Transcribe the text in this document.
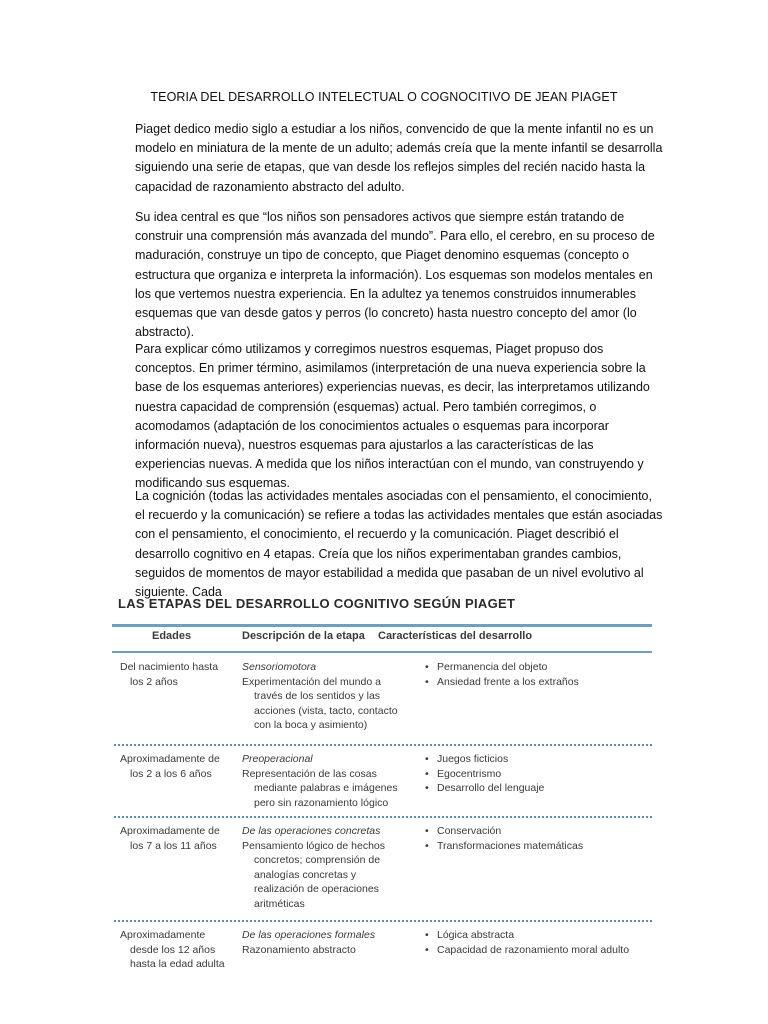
TEORIA DEL DESARROLLO INTELECTUAL O COGNOCITIVO DE JEAN PIAGET

Piaget dedico medio siglo a estudiar a los niños, convencido de que la mente infantil no es un modelo en miniatura de la mente de un adulto; además creía que la mente infantil se desarrolla siguiendo una serie de etapas, que van desde los reflejos simples del recién nacido hasta la capacidad de razonamiento abstracto del adulto.

Su idea central es que “los niños son pensadores activos que siempre están tratando de construir una comprensión más avanzada del mundo”. Para ello, el cerebro, en su proceso de maduración, construye un tipo de concepto, que Piaget denomino esquemas (concepto o estructura que organiza e interpreta la información). Los esquemas son modelos mentales en los que vertemos nuestra experiencia. En la adultez ya tenemos construidos innumerables esquemas que van desde gatos y perros (lo concreto) hasta nuestro concepto del amor (lo abstracto).

Para explicar cómo utilizamos y corregimos nuestros esquemas, Piaget propuso dos conceptos. En primer término, asimilamos (interpretación de una nueva experiencia sobre la base de los esquemas anteriores) experiencias nuevas, es decir, las interpretamos utilizando nuestra capacidad de comprensión (esquemas) actual. Pero también corregimos, o acomodamos (adaptación de los conocimientos actuales o esquemas para incorporar información nueva), nuestros esquemas para ajustarlos a las características de las experiencias nuevas. A medida que los niños interactúan con el mundo, van construyendo y modificando sus esquemas.

La cognición (todas las actividades mentales asociadas con el pensamiento, el conocimiento, el recuerdo y la comunicación) se refiere a todas las actividades mentales que están asociadas con el pensamiento, el conocimiento, el recuerdo y la comunicación. Piaget describió el desarrollo cognitivo en 4 etapas. Creía que los niños experimentaban grandes cambios, seguidos de momentos de mayor estabilidad a medida que pasaban de un nivel evolutivo al siguiente. Cada

LAS ETAPAS DEL DESARROLLO COGNITIVO SEGÚN PIAGET
Edades	Descripción de la etapa Características del desarrollo
Del nacimiento hasta
los 2 años
Sensoriomotora
Experimentación del mundo a
través de los sentidos y las
acciones (vista, tacto, contacto
con la boca y asimiento)
• Permanencia del objeto
• Ansiedad frente a los extraños
Aproximadamente de
los 2 a los 6 años
Preoperacional
Representación de las cosas
mediante palabras e imágenes
pero sin razonamiento lógico
• Juegos ficticios
• Egocentrismo
• Desarrollo del lenguaje
Aproximadamente de
los 7 a los 11 años
De las operaciones concretas
Pensamiento lógico de hechos
concretos; comprensión de
analogías concretas y
realización de operaciones
aritméticas
• Conservación
• Transformaciones matemáticas
Aproximadamente
desde los 12 años
hasta la edad adulta
De las operaciones formales
Razonamiento abstracto
• Lógica abstracta
• Capacidad de razonamiento moral adulto
